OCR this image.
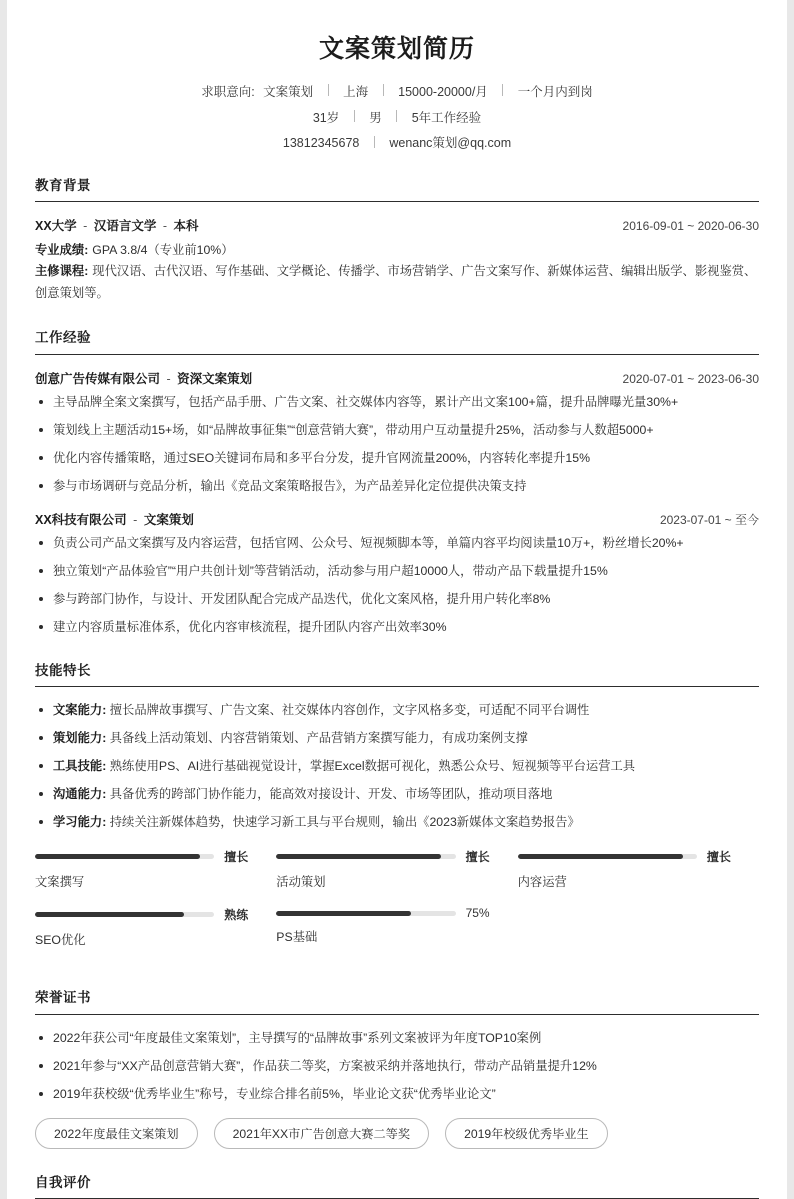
文案策划简历
求职意向: 文案策划 上海 15000-20000/月 一个月内到岗
31岁 男 5年工作经验
13812345678 wenanc策划@qq.com
教育背景
XX大学 - 汉语言文学 - 本科	2016-09-01 ~ 2020-06-30
专业成绩: GPA 3.8/4（专业前10%）
主修课程: 现代汉语、古代汉语、写作基础、文学概论、传播学、市场营销学、广告文案写作、新媒体运营、编辑出版学、影视鉴赏、创意策划等。
工作经验
创意广告传媒有限公司 - 资深文案策划	2020-07-01 ~ 2023-06-30
主导品牌全案文案撰写，包括产品手册、广告文案、社交媒体内容等，累计产出文案100+篇，提升品牌曝光量30%+
策划线上主题活动15+场，如“品牌故事征集”“创意营销大赛”，带动用户互动量提升25%，活动参与人数超5000+
优化内容传播策略，通过SEO关键词布局和多平台分发，提升官网流量200%，内容转化率提升15%
参与市场调研与竞品分析，输出《竞品文案策略报告》，为产品差异化定位提供决策支持
XX科技有限公司 - 文案策划	2023-07-01 ~ 至今
负责公司产品文案撰写及内容运营，包括官网、公众号、短视频脚本等，单篇内容平均阅读量10万+，粉丝增长20%+
独立策划“产品体验官”“用户共创计划”等营销活动，活动参与用户超10000人，带动产品下载量提升15%
参与跨部门协作，与设计、开发团队配合完成产品迭代，优化文案风格，提升用户转化率8%
建立内容质量标准体系，优化内容审核流程，提升团队内容产出效率30%
技能特长
文案能力: 擅长品牌故事撰写、广告文案、社交媒体内容创作，文字风格多变，可适配不同平台调性
策划能力: 具备线上活动策划、内容营销策划、产品营销方案撰写能力，有成功案例支撑
工具技能: 熟练使用PS、AI进行基础视觉设计，掌握Excel数据可视化，熟悉公众号、短视频等平台运营工具
沟通能力: 具备优秀的跨部门协作能力，能高效对接设计、开发、市场等团队，推动项目落地
学习能力: 持续关注新媒体趋势，快速学习新工具与平台规则，输出《2023新媒体文案趋势报告》
擅长
文案撰写
擅长
活动策划
擅长
内容运营
熟练
SEO优化
75%
PS基础
荣誉证书
2022年获公司“年度最佳文案策划”，主导撰写的“品牌故事”系列文案被评为年度TOP10案例
2021年参与“XX产品创意营销大赛”，作品获二等奖，方案被采纳并落地执行，带动产品销量提升12%
2019年获校级“优秀毕业生”称号，专业综合排名前5%，毕业论文获“优秀毕业论文”
2022年度最佳文案策划	2021年XX市广告创意大赛二等奖	2019年校级优秀毕业生
自我评价
